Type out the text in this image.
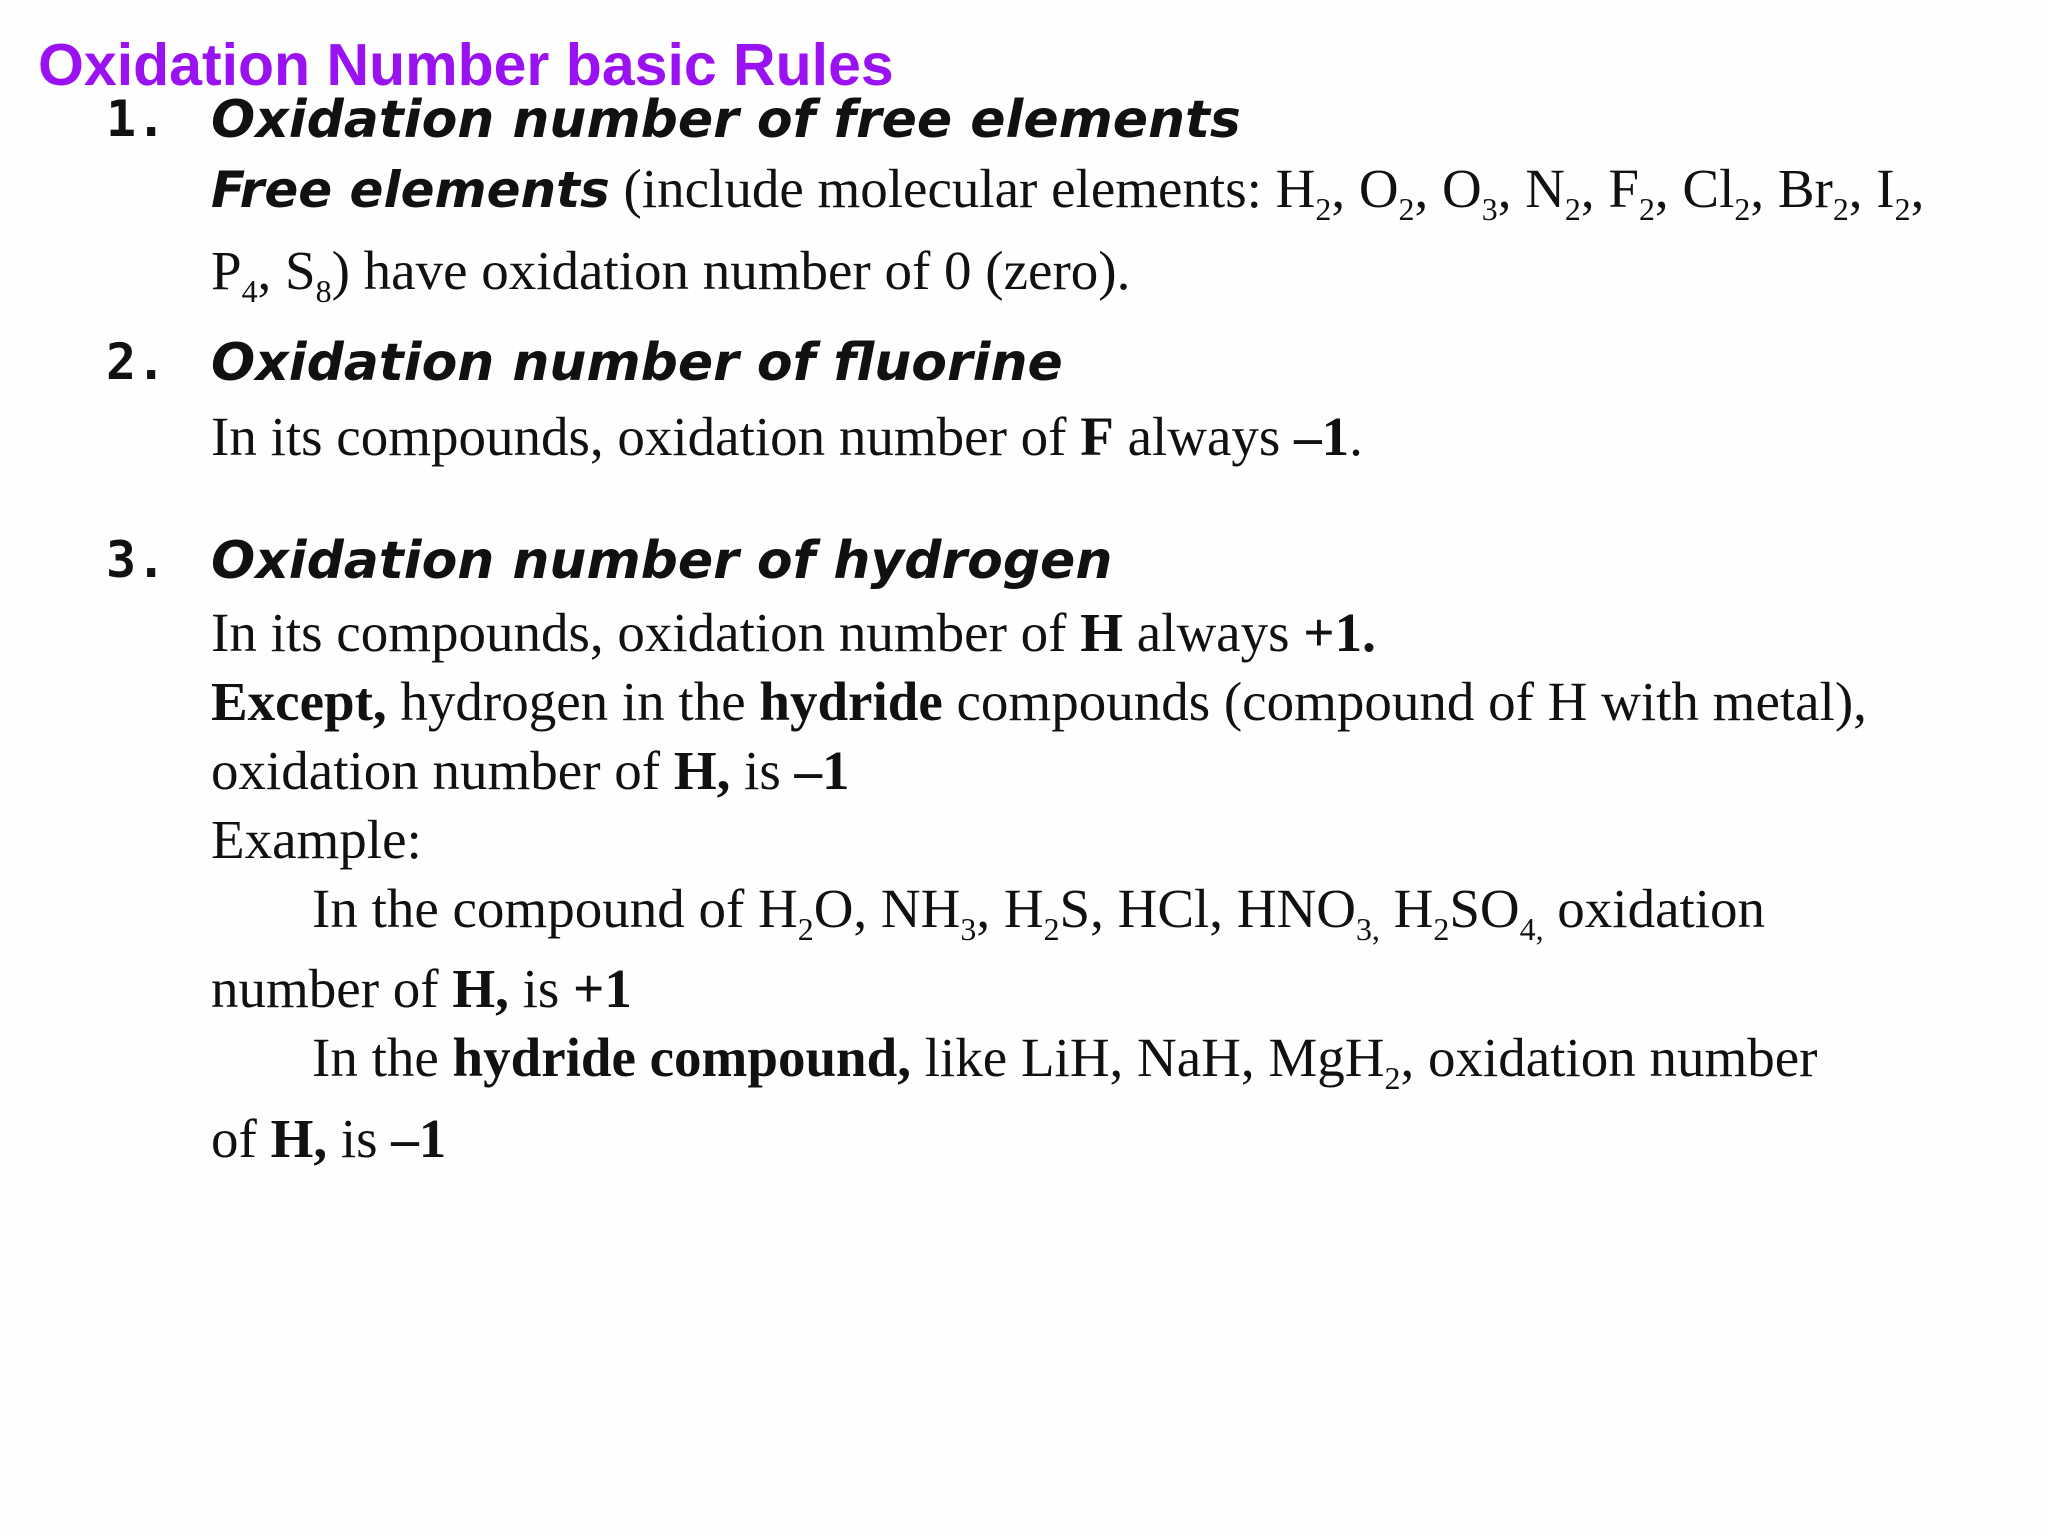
Oxidation Number basic Rules
1. Oxidation number of free elements
Free elements (include molecular elements: $H_2$, $O_2$, $O_3$, $N_2$, $F_2$, $Cl_2$, $Br_2$, $I_2$,
$P_4$, $S_8$) have oxidation number of 0 (zero).
2. Oxidation number of fluorine
In its compounds, oxidation number of F always –1.
3. Oxidation number of hydrogen
In its compounds, oxidation number of H always +1.
Except, hydrogen in the hydride compounds (compound of H with metal),
oxidation number of H, is –1
Example:
In the compound of $H_2O$, $NH_3$, $H_2S$, HCl, $HNO_{3,}$ $H_2SO_{4,}$ oxidation
number of H, is +1
In the hydride compound, like LiH, NaH, MgH$_2$, oxidation number
of H, is –1
